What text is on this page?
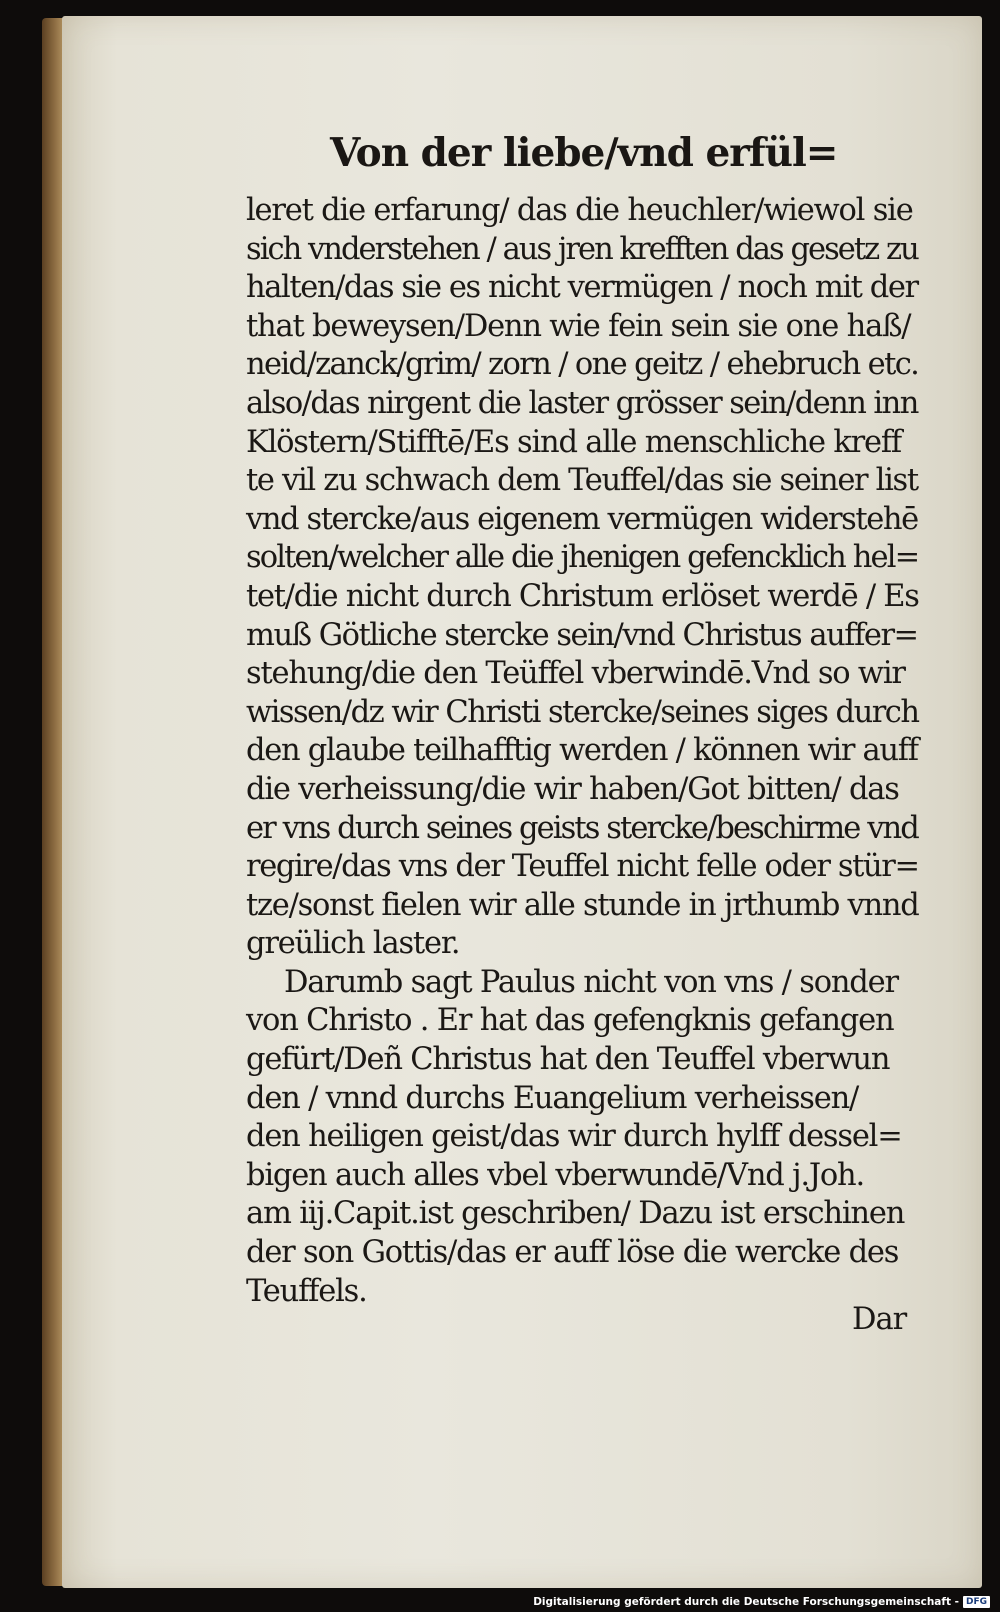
Von der liebe/vnd erfül=
leret die erfarung/ das die heuchler/wiewol sie
sich vnderstehen / aus jren krefften das gesetz zu
halten/das sie es nicht vermügen / noch mit der
that beweysen/Denn wie fein sein sie one haß/
neid/zanck/grim/ zorn / one geitz / ehebruch etc.
also/das nirgent die laster grösser sein/denn inn
Klöstern/Stifftē/Es sind alle menschliche kreff
te vil zu schwach dem Teuffel/das sie seiner list
vnd stercke/aus eigenem vermügen widerstehē
solten/welcher alle die jhenigen gefencklich hel=
tet/die nicht durch Christum erlöset werdē / Es
muß Götliche stercke sein/vnd Christus auffer=
stehung/die den Teüffel vberwindē.Vnd so wir
wissen/dz wir Christi stercke/seines siges durch
den glaube teilhafftig werden / können wir auff
die verheissung/die wir haben/Got bitten/ das
er vns durch seines geists stercke/beschirme vnd
regire/das vns der Teuffel nicht felle oder stür=
tze/sonst fielen wir alle stunde in jrthumb vnnd
greülich laster.
Darumb sagt Paulus nicht von vns / sonder
von Christo . Er hat das gefengknis gefangen
gefürt/Deñ Christus hat den Teuffel vberwun
den / vnnd durchs Euangelium verheissen/
den heiligen geist/das wir durch hylff dessel=
bigen auch alles vbel vberwundē/Vnd j.Joh.
am iij.Capit.ist geschriben/ Dazu ist erschinen
der son Gottis/das er auff löse die wercke des
Teuffels.
Dar
Digitalisierung gefördert durch die Deutsche Forschungsgemeinschaft - DFG
